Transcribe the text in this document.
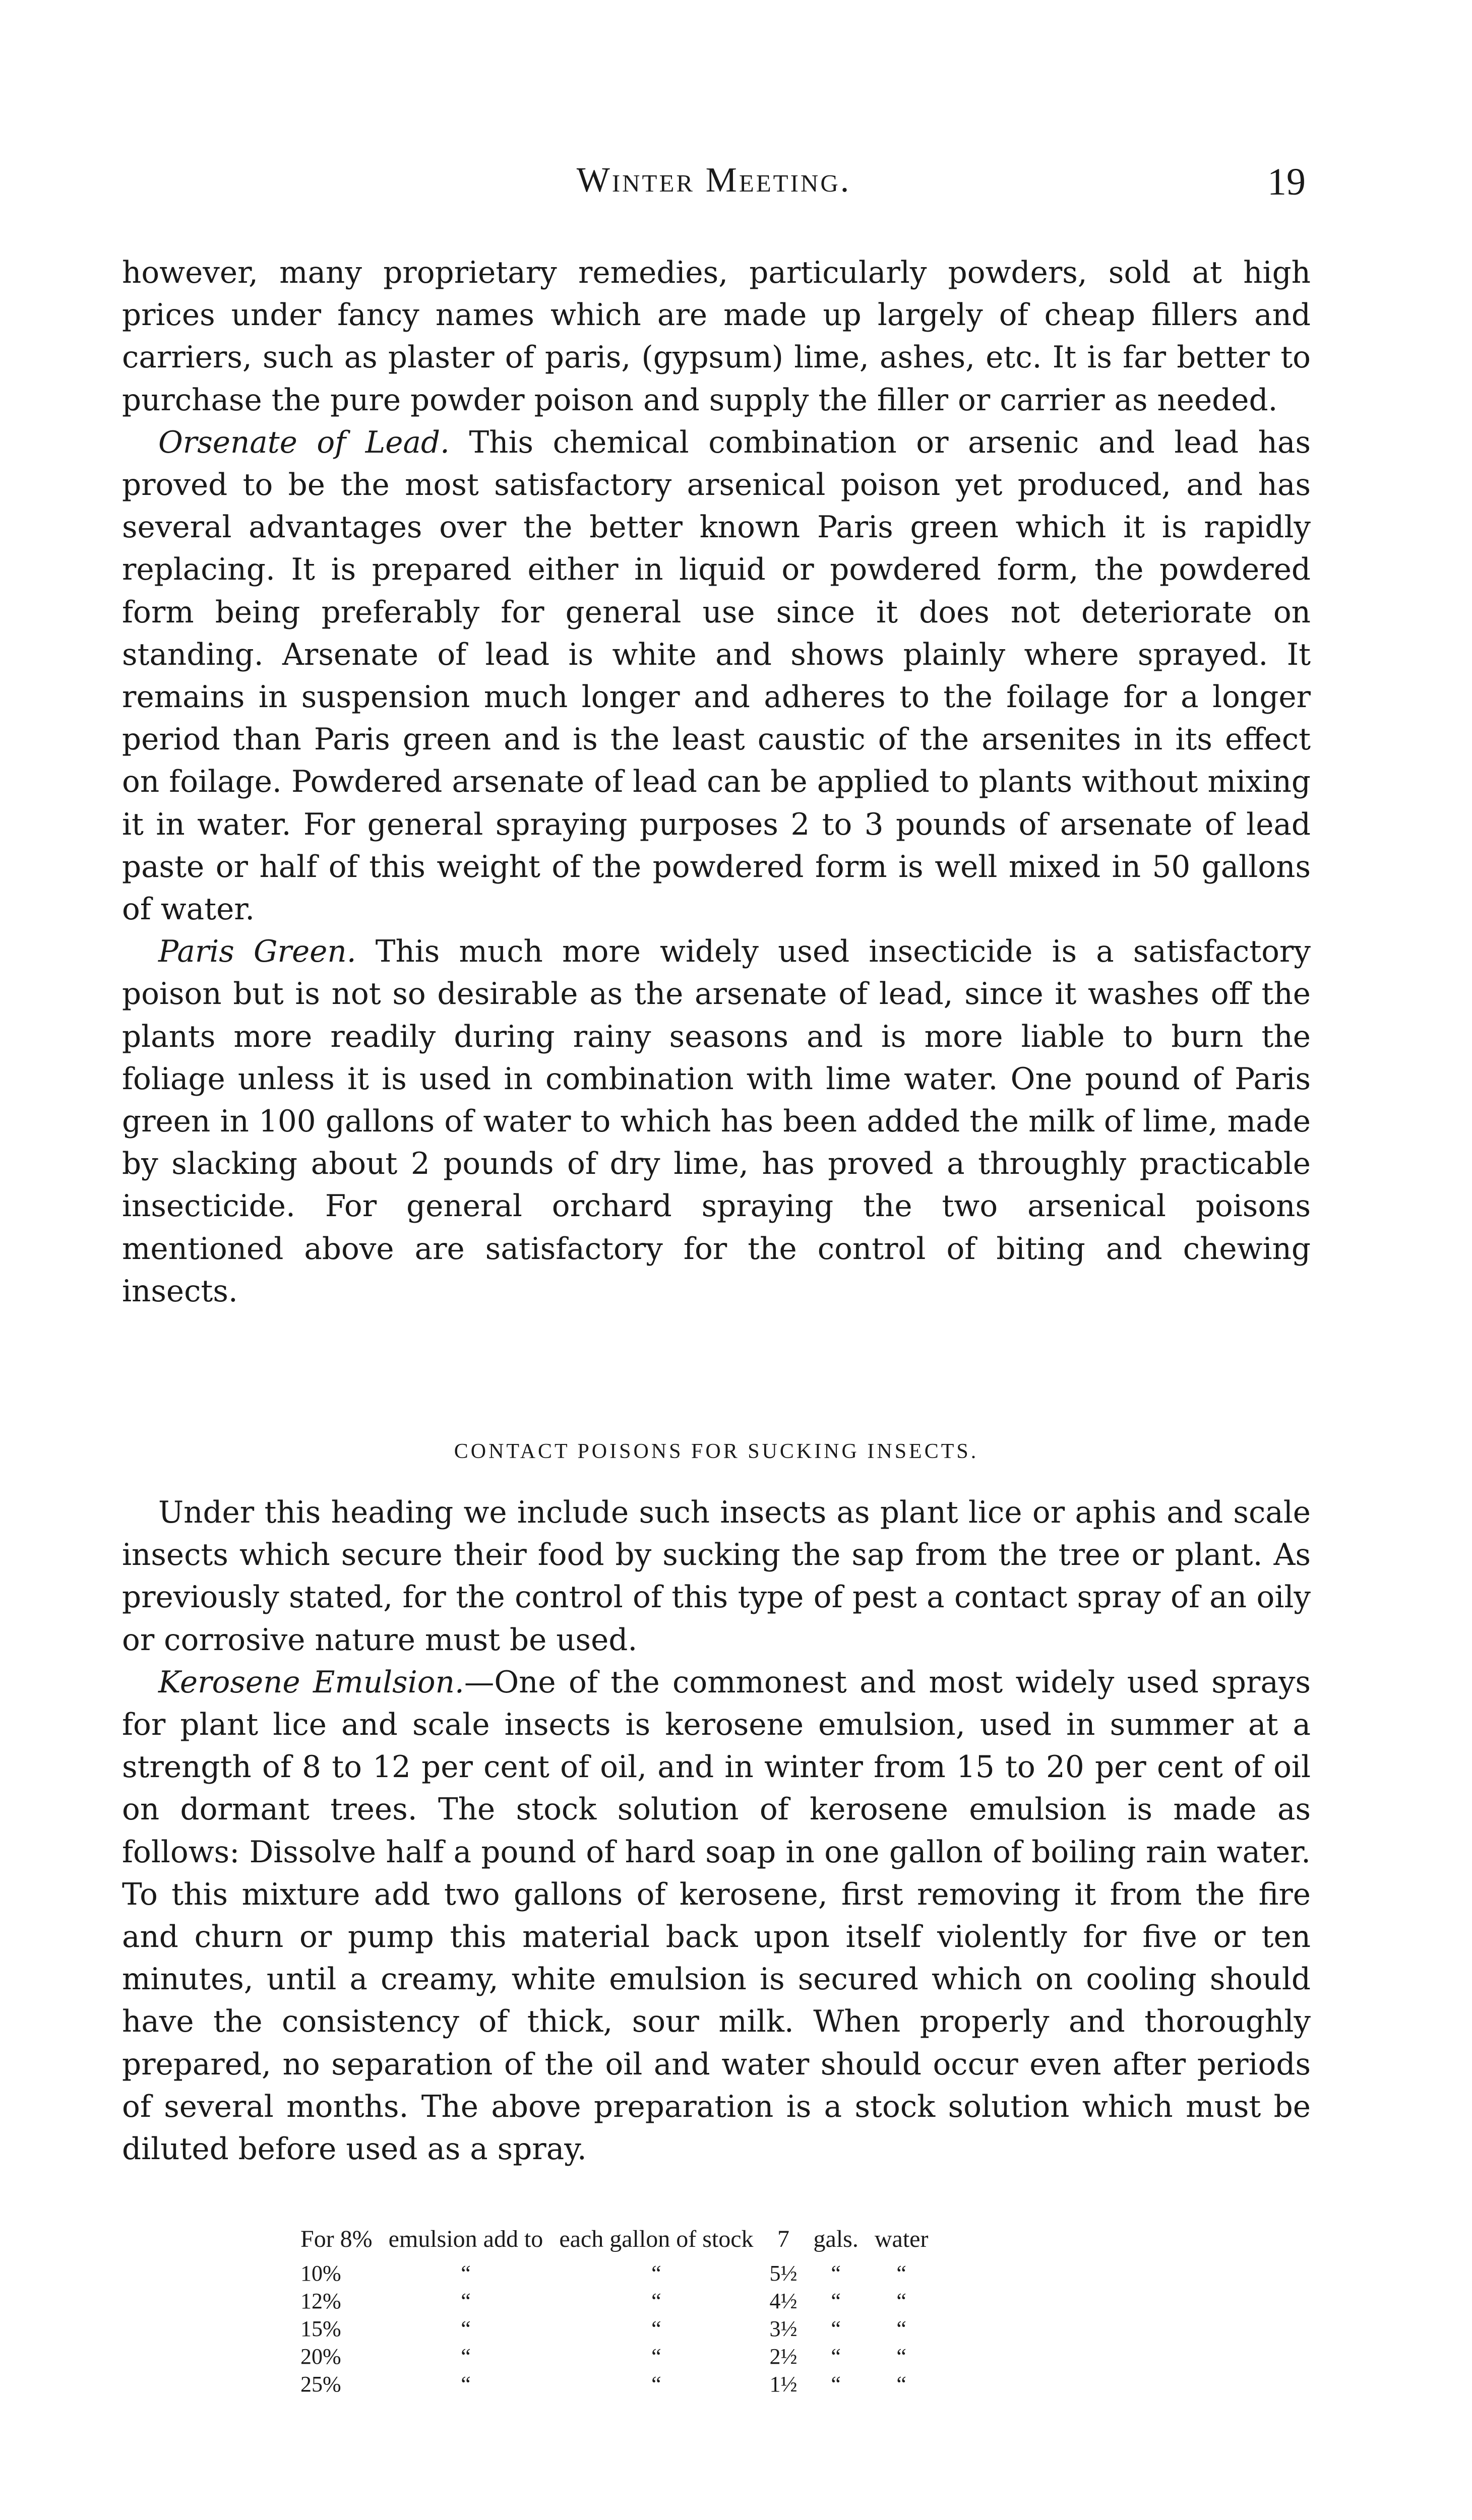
Winter Meeting.	19

however, many proprietary remedies, particularly powders, sold at high prices under fancy names which are made up largely of cheap fillers and carriers, such as plaster of paris, (gypsum) lime, ashes, etc. It is far better to purchase the pure powder poison and supply the filler or carrier as needed.

Orsenate of Lead. This chemical combination or arsenic and lead has proved to be the most satisfactory arsenical poison yet produced, and has several advantages over the better known Paris green which it is rapidly replacing. It is prepared either in liquid or powdered form, the powdered form being preferably for general use since it does not deteriorate on standing. Arsenate of lead is white and shows plainly where sprayed. It remains in suspension much longer and adheres to the foilage for a longer period than Paris green and is the least caustic of the arsenites in its effect on foilage. Powdered arsenate of lead can be applied to plants without mixing it in water. For general spraying purposes 2 to 3 pounds of arsenate of lead paste or half of this weight of the powdered form is well mixed in 50 gallons of water.

Paris Green. This much more widely used insecticide is a satisfactory poison but is not so desirable as the arsenate of lead, since it washes off the plants more readily during rainy seasons and is more liable to burn the foliage unless it is used in combination with lime water. One pound of Paris green in 100 gallons of water to which has been added the milk of lime, made by slacking about 2 pounds of dry lime, has proved a throughly practicable insecticide. For general orchard spraying the two arsenical poisons mentioned above are satisfactory for the control of biting and chewing insects.

CONTACT POISONS FOR SUCKING INSECTS.

Under this heading we include such insects as plant lice or aphis and scale insects which secure their food by sucking the sap from the tree or plant. As previously stated, for the control of this type of pest a contact spray of an oily or corrosive nature must be used.

Kerosene Emulsion.—One of the commonest and most widely used sprays for plant lice and scale insects is kerosene emulsion, used in summer at a strength of 8 to 12 per cent of oil, and in winter from 15 to 20 per cent of oil on dormant trees. The stock solution of kerosene emulsion is made as follows: Dissolve half a pound of hard soap in one gallon of boiling rain water. To this mixture add two gallons of kerosene, first removing it from the fire and churn or pump this material back upon itself violently for five or ten minutes, until a creamy, white emulsion is secured which on cooling should have the consistency of thick, sour milk. When properly and thoroughly prepared, no separation of the oil and water should occur even after periods of several months. The above preparation is a stock solution which must be diluted before used as a spray.

For 8%	emulsion add to	each gallon of stock	7	gals.	water
10%	“	“	5½	“	“
12%	“	“	4½	“	“
15%	“	“	3½	“	“
20%	“	“	2½	“	“
25%	“	“	1½	“	“
